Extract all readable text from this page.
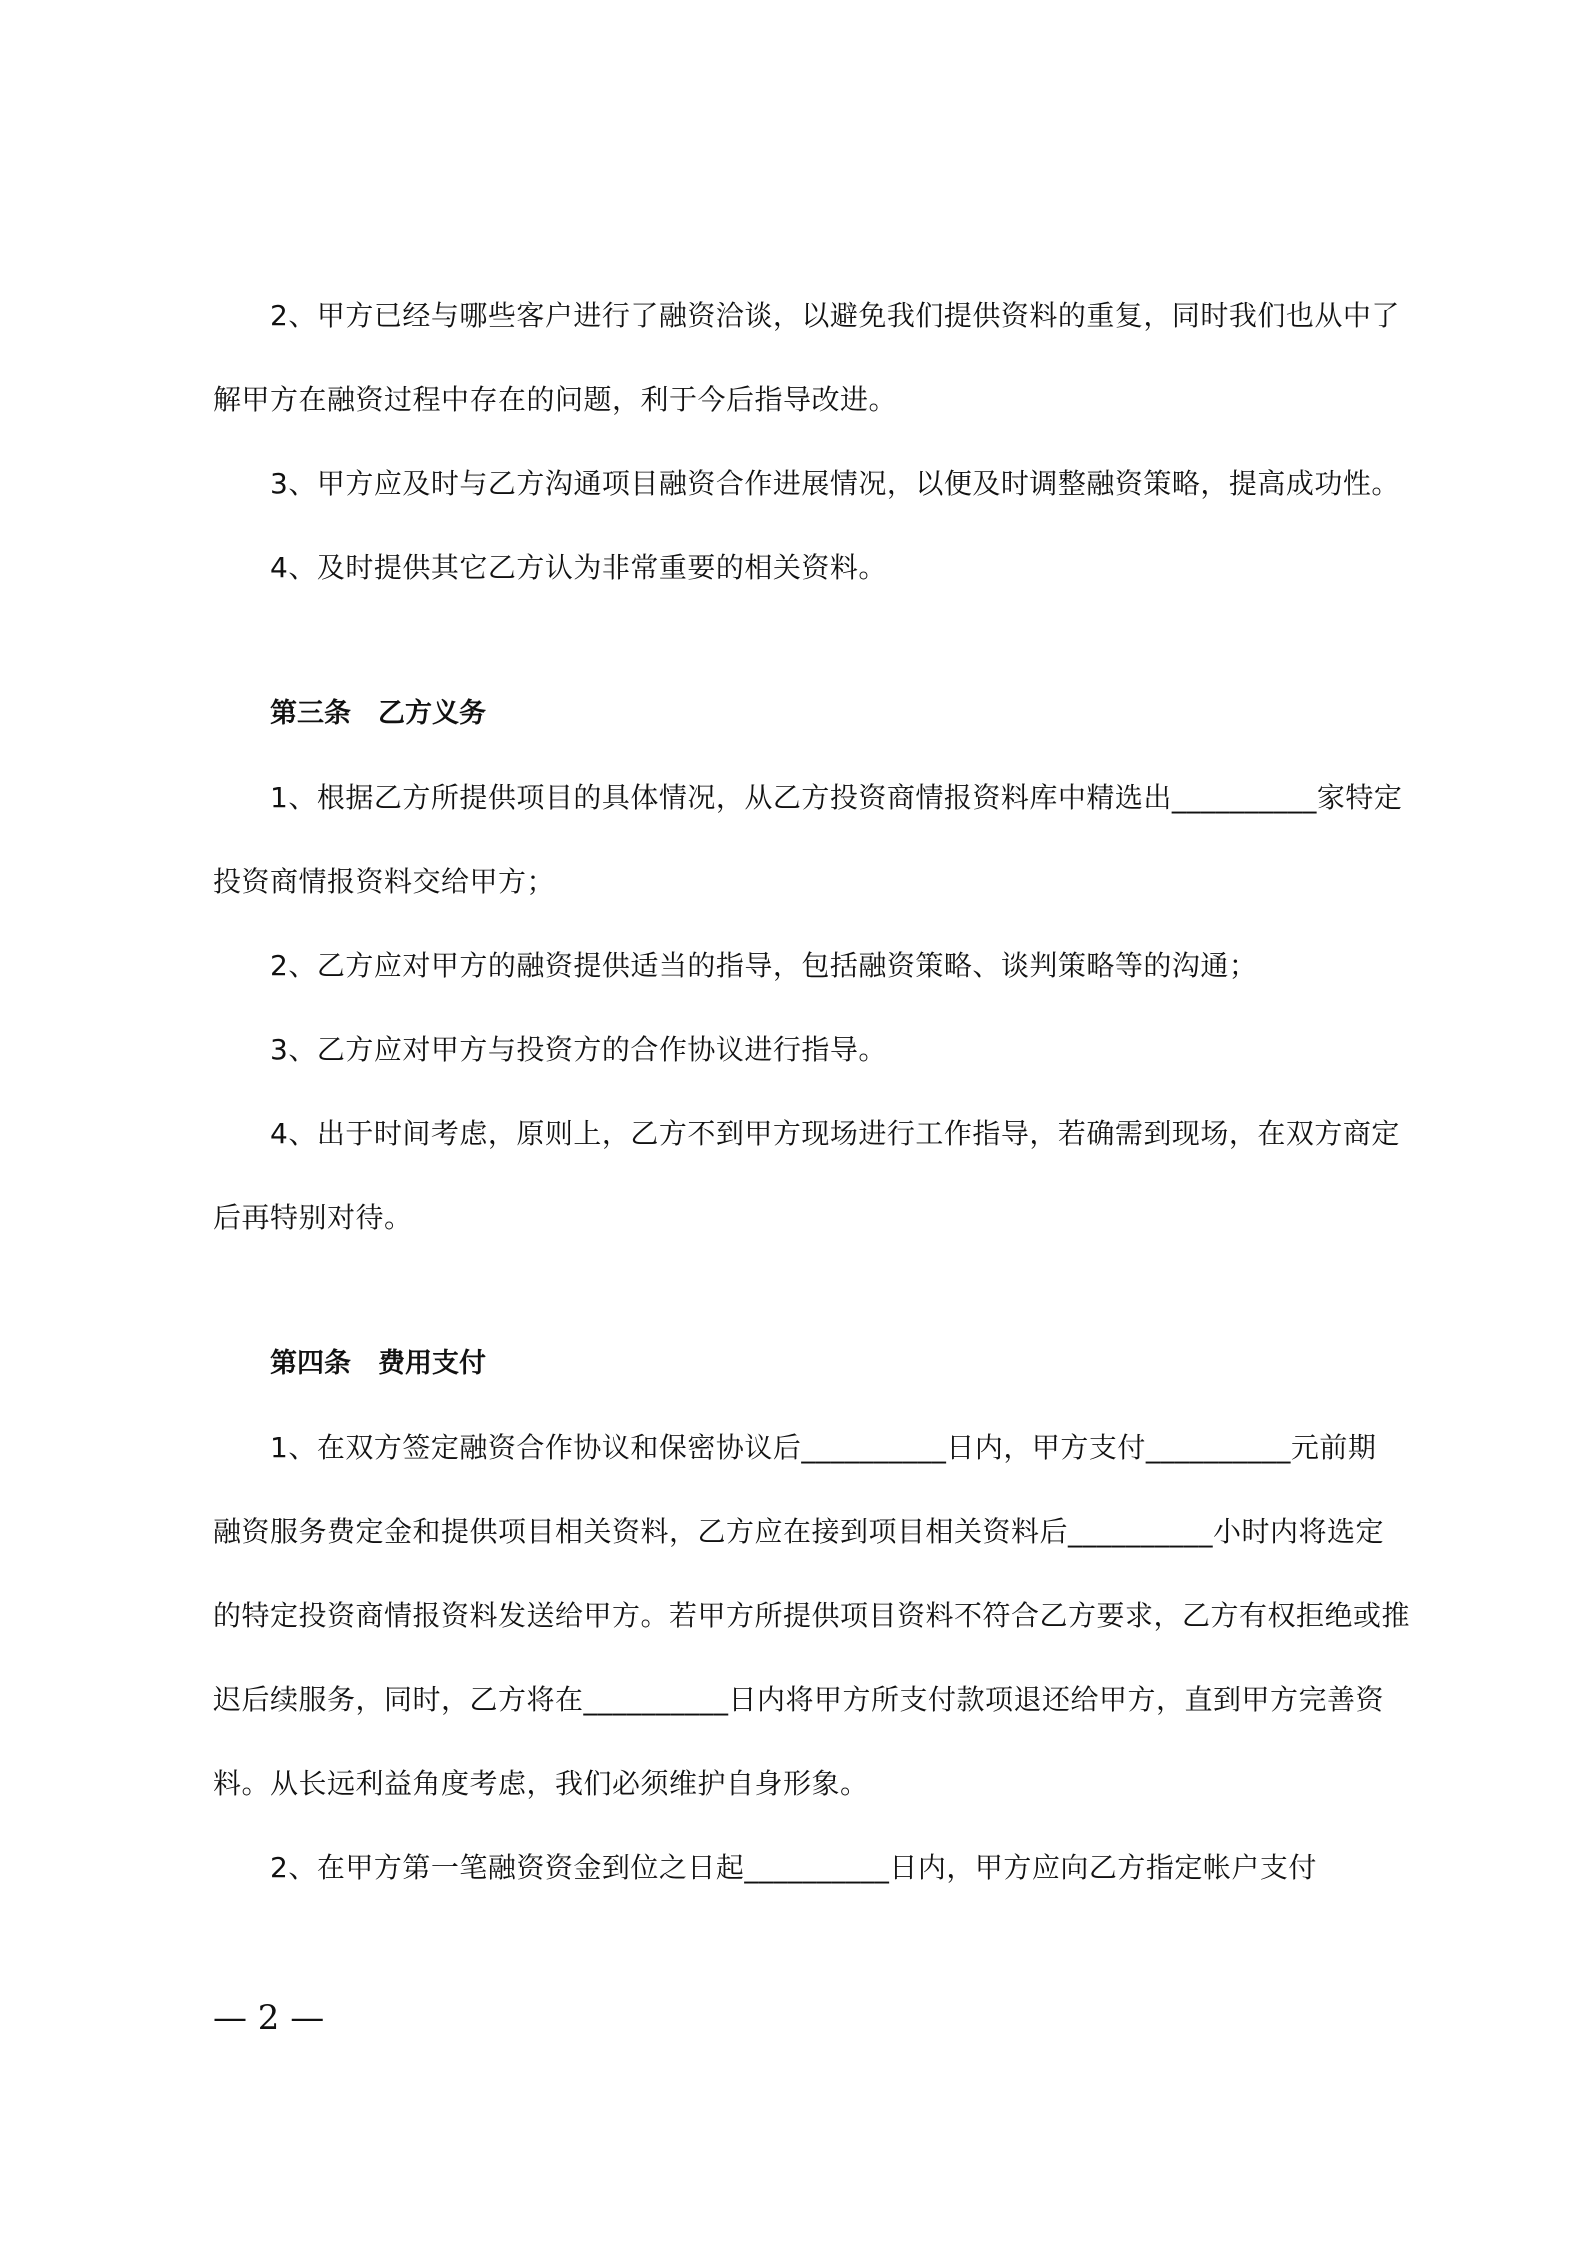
2、甲方已经与哪些客户进行了融资洽谈，以避免我们提供资料的重复，同时我们也从中了
解甲方在融资过程中存在的问题，利于今后指导改进。
3、甲方应及时与乙方沟通项目融资合作进展情况，以便及时调整融资策略，提高成功性。
4、及时提供其它乙方认为非常重要的相关资料。
第三条　乙方义务
1、根据乙方所提供项目的具体情况，从乙方投资商情报资料库中精选出__________家特定
投资商情报资料交给甲方；
2、乙方应对甲方的融资提供适当的指导，包括融资策略、谈判策略等的沟通；
3、乙方应对甲方与投资方的合作协议进行指导。
4、出于时间考虑，原则上，乙方不到甲方现场进行工作指导，若确需到现场，在双方商定
后再特别对待。
第四条　费用支付
1、在双方签定融资合作协议和保密协议后__________日内，甲方支付__________元前期
融资服务费定金和提供项目相关资料，乙方应在接到项目相关资料后__________小时内将选定
的特定投资商情报资料发送给甲方。若甲方所提供项目资料不符合乙方要求，乙方有权拒绝或推
迟后续服务，同时，乙方将在__________日内将甲方所支付款项退还给甲方，直到甲方完善资
料。从长远利益角度考虑，我们必须维护自身形象。
2、在甲方第一笔融资资金到位之日起__________日内，甲方应向乙方指定帐户支付
— 2 —
